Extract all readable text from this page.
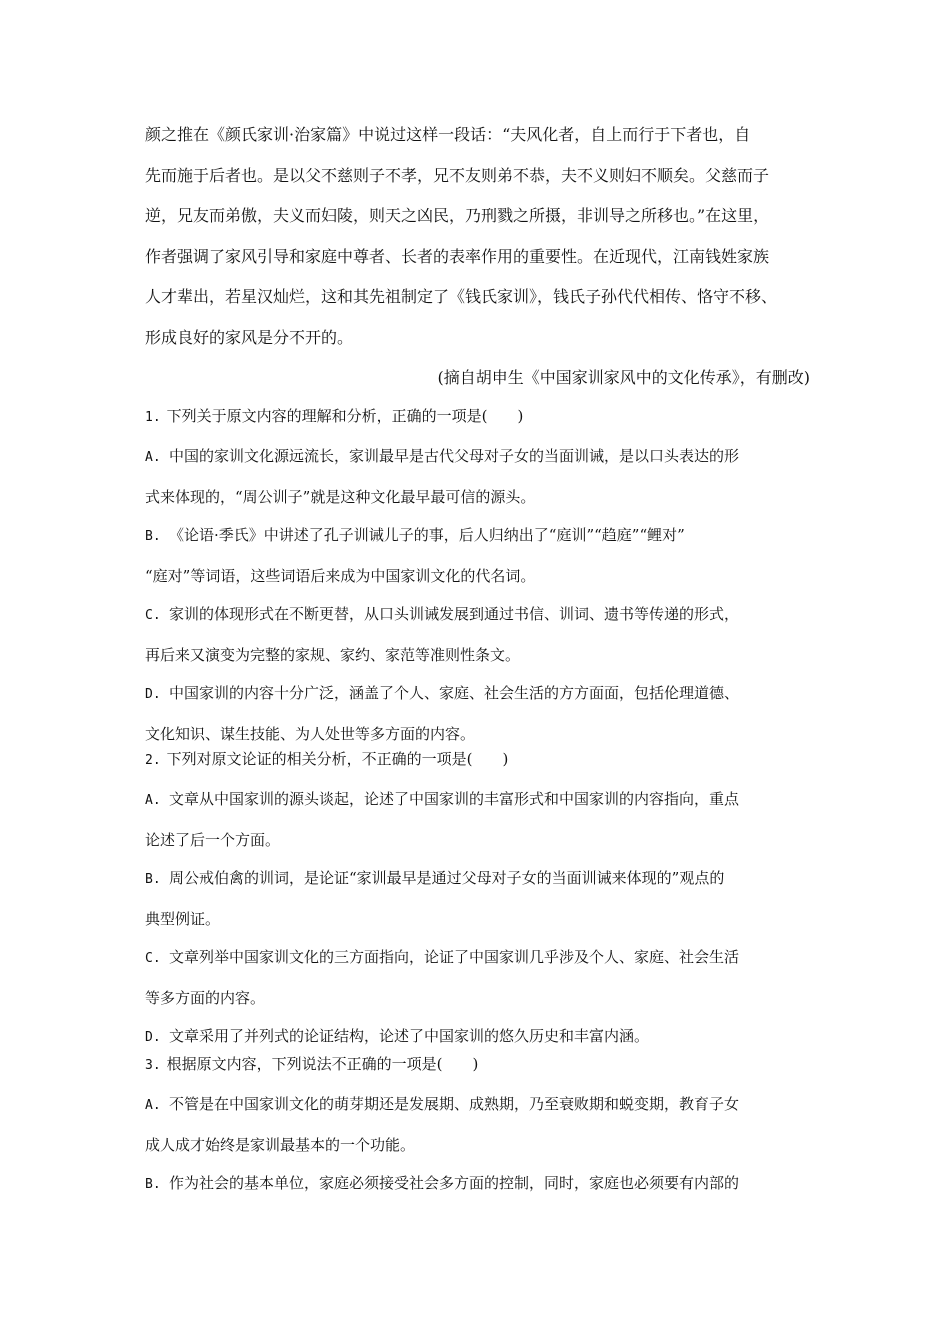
颜之推在《颜氏家训·治家篇》中说过这样一段话：“夫风化者，自上而行于下者也，自

先而施于后者也。是以父不慈则子不孝，兄不友则弟不恭，夫不义则妇不顺矣。父慈而子

逆，兄友而弟傲，夫义而妇陵，则天之凶民，乃刑戮之所摄，非训导之所移也。”在这里，

作者强调了家风引导和家庭中尊者、长者的表率作用的重要性。在近现代，江南钱姓家族

人才辈出，若星汉灿烂，这和其先祖制定了《钱氏家训》，钱氏子孙代代相传、恪守不移、

形成良好的家风是分不开的。

(摘自胡申生《中国家训家风中的文化传承》，有删改)

1. 下列关于原文内容的理解和分析，正确的一项是(　　)

A. 中国的家训文化源远流长，家训最早是古代父母对子女的当面训诫，是以口头表达的形

式来体现的，“周公训子”就是这种文化最早最可信的源头。

B. 《论语·季氏》中讲述了孔子训诫儿子的事，后人归纳出了“庭训”“趋庭”“鲤对”

“庭对”等词语，这些词语后来成为中国家训文化的代名词。

C. 家训的体现形式在不断更替，从口头训诫发展到通过书信、训词、遗书等传递的形式，

再后来又演变为完整的家规、家约、家范等准则性条文。

D. 中国家训的内容十分广泛，涵盖了个人、家庭、社会生活的方方面面，包括伦理道德、

文化知识、谋生技能、为人处世等多方面的内容。

2. 下列对原文论证的相关分析，不正确的一项是(　　)

A. 文章从中国家训的源头谈起，论述了中国家训的丰富形式和中国家训的内容指向，重点

论述了后一个方面。

B. 周公戒伯禽的训词，是论证“家训最早是通过父母对子女的当面训诫来体现的”观点的

典型例证。

C. 文章列举中国家训文化的三方面指向，论证了中国家训几乎涉及个人、家庭、社会生活

等多方面的内容。

D. 文章采用了并列式的论证结构，论述了中国家训的悠久历史和丰富内涵。

3. 根据原文内容，下列说法不正确的一项是(　　)

A. 不管是在中国家训文化的萌芽期还是发展期、成熟期，乃至衰败期和蜕变期，教育子女

成人成才始终是家训最基本的一个功能。

B. 作为社会的基本单位，家庭必须接受社会多方面的控制，同时，家庭也必须要有内部的
